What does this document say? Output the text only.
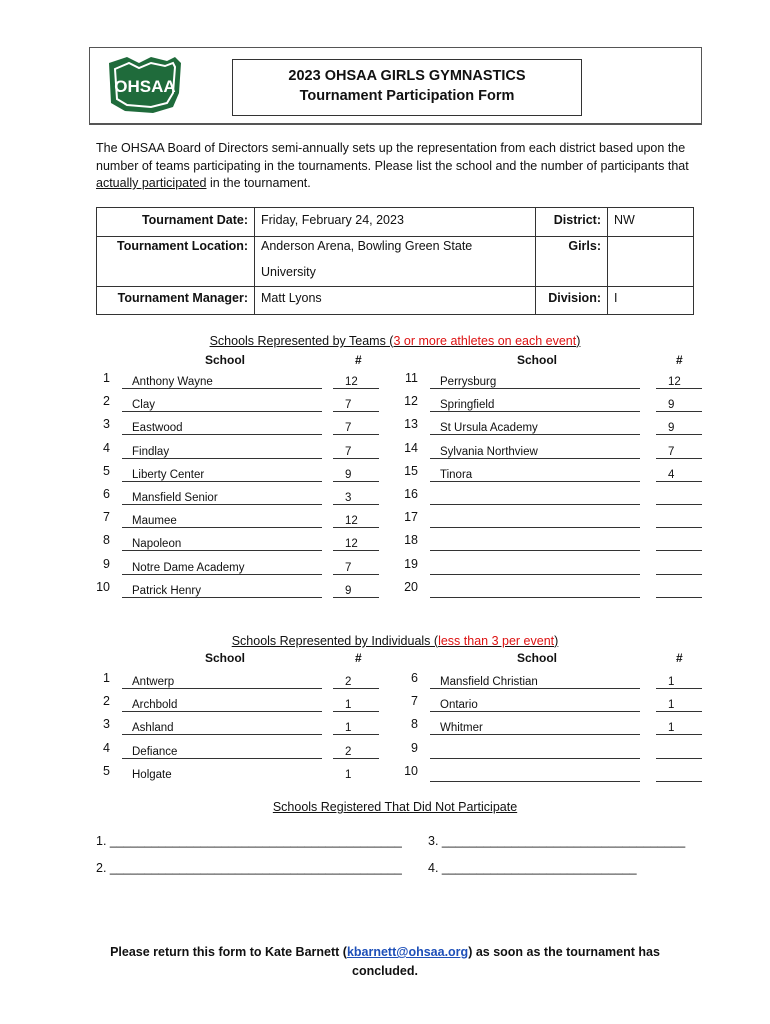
OHSAA
2023 OHSAA GIRLS GYMNASTICS
Tournament Participation Form
The OHSAA Board of Directors semi-annually sets up the representation from each district based upon the number of teams participating in the tournaments. Please list the school and the number of participants that actually participated in the tournament.
Tournament Date: Friday, February 24, 2023
Tournament Location: Anderson Arena, Bowling Green State
University
Tournament Manager: Matt Lyons
District: NW
Girls:
Division: I
Schools Represented by Teams (3 or more athletes on each event)
School	#	School	#
1	Anthony Wayne	12
2	Clay	7
3	Eastwood	7
4	Findlay	7
5	Liberty Center	9
6	Mansfield Senior	3
7	Maumee	12
8	Napoleon	12
9	Notre Dame Academy	7
10	Patrick Henry	9
11	Perrysburg	12
12	Springfield	9
13	St Ursula Academy	9
14	Sylvania Northview	7
15	Tinora	4
16
17
18
19
20
Schools Represented by Individuals (less than 3 per event)
School	#	School	#
1	Antwerp	2
2	Archbold	1
3	Ashland	1
4	Defiance	2
5	Holgate	1
6	Mansfield Christian	1
7	Ontario	1
8	Whitmer	1
9
10
Schools Registered That Did Not Participate
1. __________________________________________
2. __________________________________________
3. ___________________________________
4. ____________________________
Please return this form to Kate Barnett (kbarnett@ohsaa.org) as soon as the tournament has concluded.
